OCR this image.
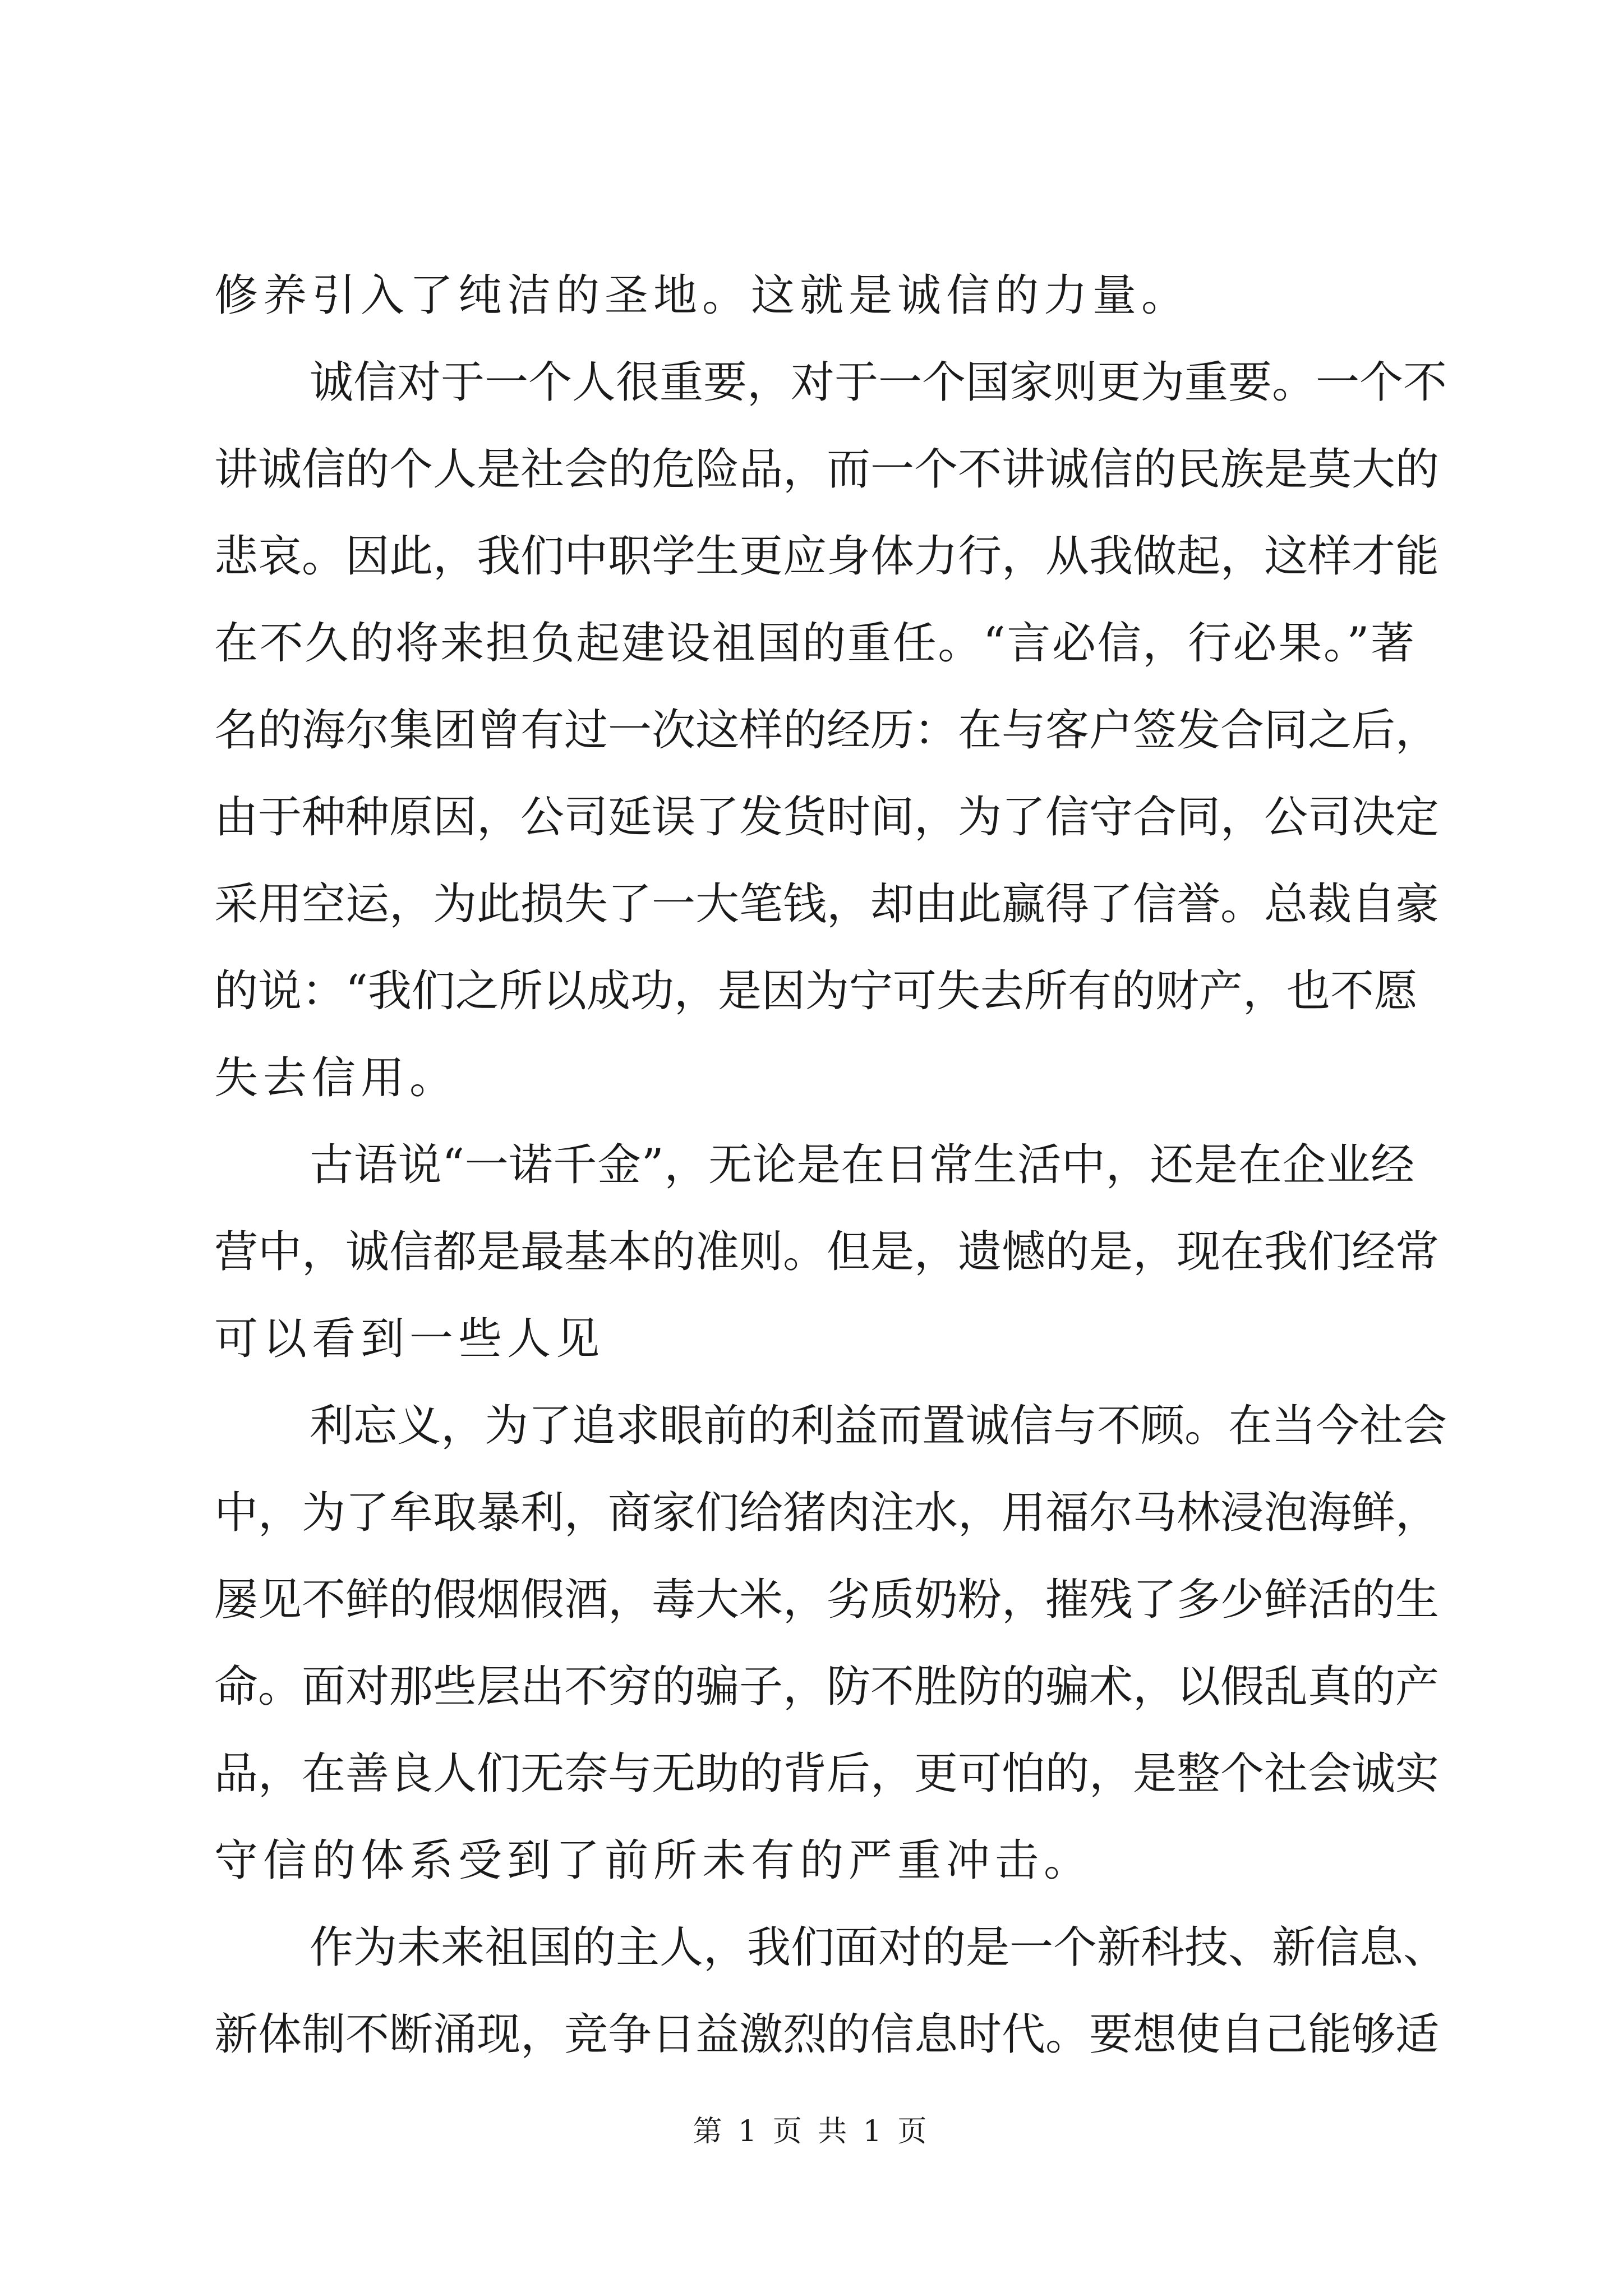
修养引入了纯洁的圣地。这就是诚信的力量。
诚信对于一个人很重要，对于一个国家则更为重要。一个不
讲诚信的个人是社会的危险品，而一个不讲诚信的民族是莫大的
悲哀。因此，我们中职学生更应身体力行，从我做起，这样才能
在不久的将来担负起建设祖国的重任。“言必信，行必果。”著
名的海尔集团曾有过一次这样的经历：在与客户签发合同之后，
由于种种原因，公司延误了发货时间，为了信守合同，公司决定
采用空运，为此损失了一大笔钱，却由此赢得了信誉。总裁自豪
的说：“我们之所以成功，是因为宁可失去所有的财产，也不愿
失去信用。
古语说“一诺千金”，无论是在日常生活中，还是在企业经
营中，诚信都是最基本的准则。但是，遗憾的是，现在我们经常
可以看到一些人见
利忘义，为了追求眼前的利益而置诚信与不顾。在当今社会
中，为了牟取暴利，商家们给猪肉注水，用福尔马林浸泡海鲜，
屡见不鲜的假烟假酒，毒大米，劣质奶粉，摧残了多少鲜活的生
命。面对那些层出不穷的骗子，防不胜防的骗术，以假乱真的产
品，在善良人们无奈与无助的背后，更可怕的，是整个社会诚实
守信的体系受到了前所未有的严重冲击。
作为未来祖国的主人，我们面对的是一个新科技、新信息、
新体制不断涌现，竞争日益激烈的信息时代。要想使自己能够适
第 1 页 共 1 页
